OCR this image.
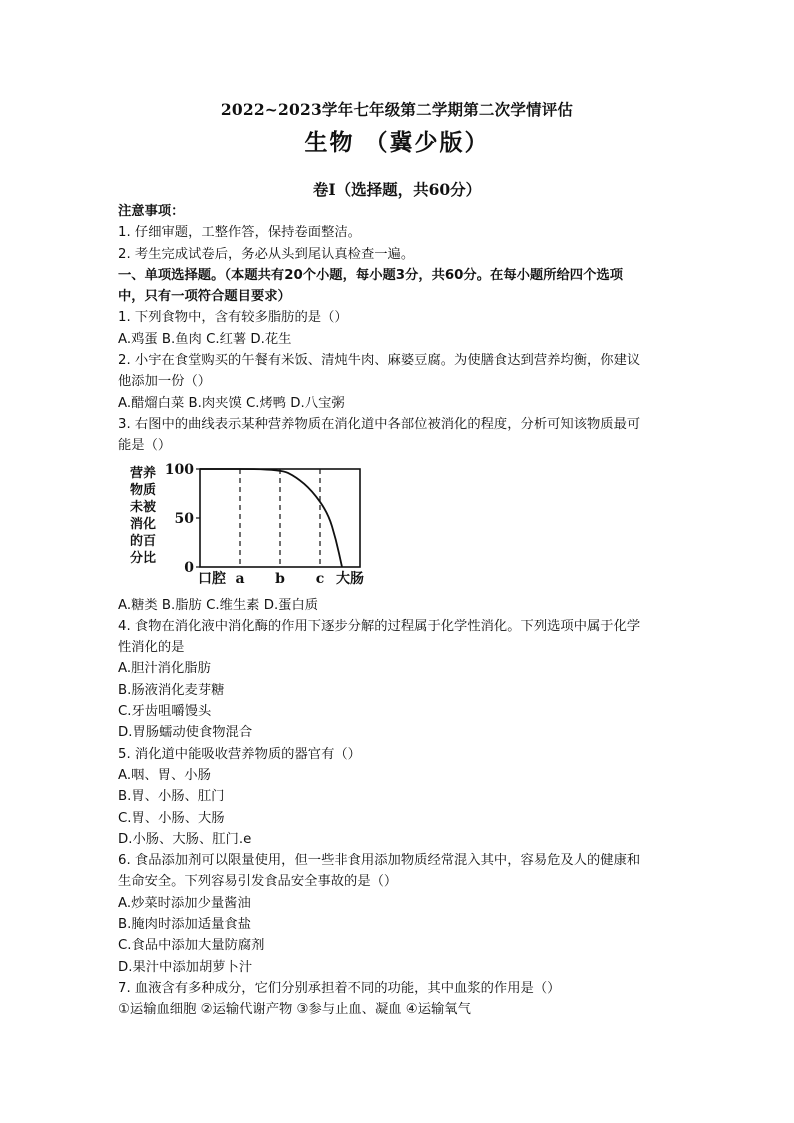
2022~2023学年七年级第二学期第二次学情评估
生物 （冀少版）
卷Ⅰ（选择题，共60分）
注意事项：
1. 仔细审题，工整作答，保持卷面整洁。
2. 考生完成试卷后，务必从头到尾认真检查一遍。
一、单项选择题。（本题共有20个小题，每小题3分，共60分。在每小题所给四个选项
中，只有一项符合题目要求）
1. 下列食物中，含有较多脂肪的是（）
A.鸡蛋 B.鱼肉 C.红薯 D.花生
2. 小宇在食堂购买的午餐有米饭、清炖牛肉、麻婆豆腐。为使膳食达到营养均衡，你建议
他添加一份（）
A.醋熘白菜 B.肉夹馍 C.烤鸭 D.八宝粥
3. 右图中的曲线表示某种营养物质在消化道中各部位被消化的程度，分析可知该物质最可
能是（）
营养
物质
未被
消化
的百
分比
100
50
0
口腔 a b c 大肠
A.糖类 B.脂肪 C.维生素 D.蛋白质
4. 食物在消化液中消化酶的作用下逐步分解的过程属于化学性消化。下列选项中属于化学
性消化的是
A.胆汁消化脂肪
B.肠液消化麦芽糖
C.牙齿咀嚼馒头
D.胃肠蠕动使食物混合
5. 消化道中能吸收营养物质的器官有（）
A.咽、胃、小肠
B.胃、小肠、肛门
C.胃、小肠、大肠
D.小肠、大肠、肛门.e
6. 食品添加剂可以限量使用，但一些非食用添加物质经常混入其中，容易危及人的健康和
生命安全。下列容易引发食品安全事故的是（）
A.炒菜时添加少量酱油
B.腌肉时添加适量食盐
C.食品中添加大量防腐剂
D.果汁中添加胡萝卜汁
7. 血液含有多种成分，它们分别承担着不同的功能，其中血浆的作用是（）
①运输血细胞 ②运输代谢产物 ③参与止血、凝血 ④运输氧气
